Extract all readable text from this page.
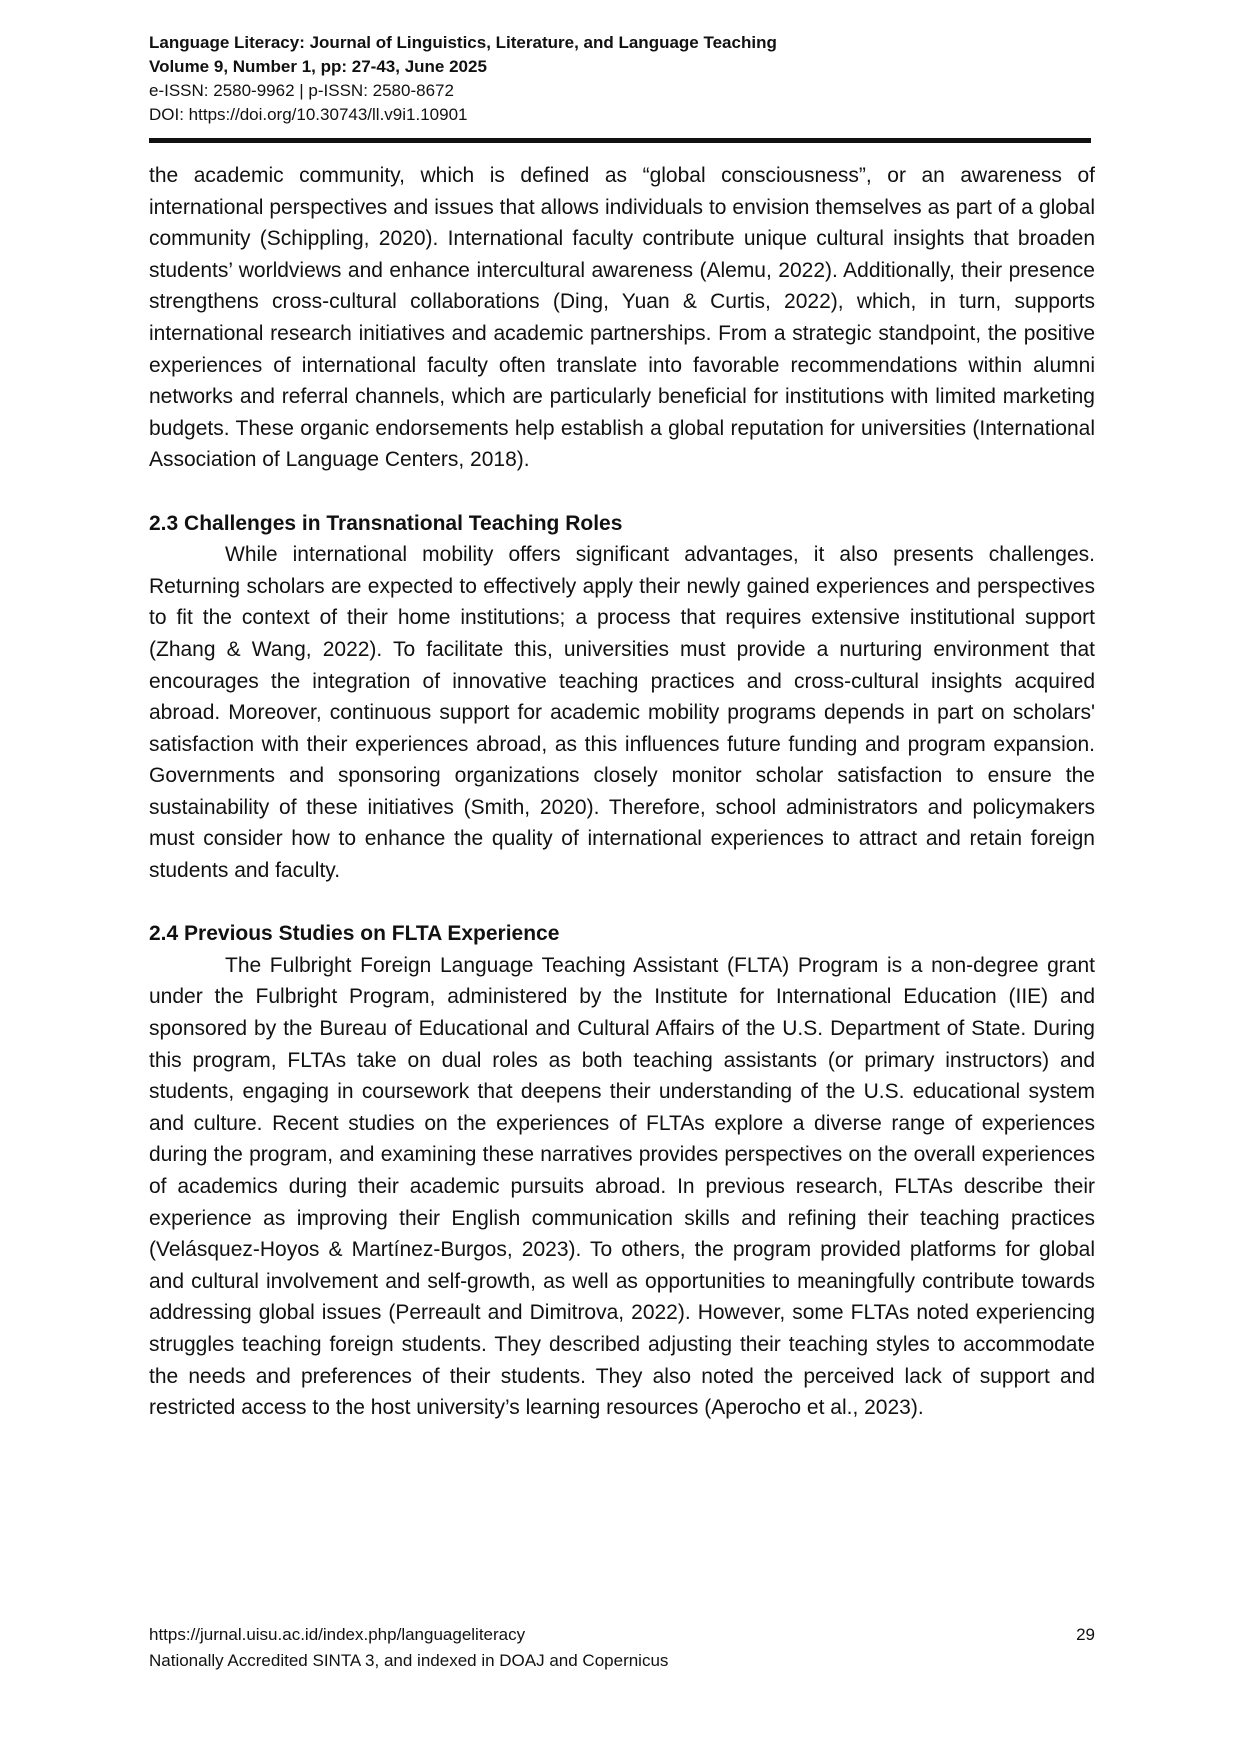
Language Literacy: Journal of Linguistics, Literature, and Language Teaching
Volume 9, Number 1, pp: 27-43, June 2025
e-ISSN: 2580-9962 | p-ISSN: 2580-8672
DOI: https://doi.org/10.30743/ll.v9i1.10901

the academic community, which is defined as “global consciousness”, or an awareness of international perspectives and issues that allows individuals to envision themselves as part of a global community (Schippling, 2020). International faculty contribute unique cultural insights that broaden students’ worldviews and enhance intercultural awareness (Alemu, 2022). Additionally, their presence strengthens cross-cultural collaborations (Ding, Yuan & Curtis, 2022), which, in turn, supports international research initiatives and academic partnerships. From a strategic standpoint, the positive experiences of international faculty often translate into favorable recommendations within alumni networks and referral channels, which are particularly beneficial for institutions with limited marketing budgets. These organic endorsements help establish a global reputation for universities (International Association of Language Centers, 2018).

2.3 Challenges in Transnational Teaching Roles

While international mobility offers significant advantages, it also presents challenges. Returning scholars are expected to effectively apply their newly gained experiences and perspectives to fit the context of their home institutions; a process that requires extensive institutional support (Zhang & Wang, 2022). To facilitate this, universities must provide a nurturing environment that encourages the integration of innovative teaching practices and cross-cultural insights acquired abroad. Moreover, continuous support for academic mobility programs depends in part on scholars' satisfaction with their experiences abroad, as this influences future funding and program expansion. Governments and sponsoring organizations closely monitor scholar satisfaction to ensure the sustainability of these initiatives (Smith, 2020). Therefore, school administrators and policymakers must consider how to enhance the quality of international experiences to attract and retain foreign students and faculty.

2.4 Previous Studies on FLTA Experience

The Fulbright Foreign Language Teaching Assistant (FLTA) Program is a non-degree grant under the Fulbright Program, administered by the Institute for International Education (IIE) and sponsored by the Bureau of Educational and Cultural Affairs of the U.S. Department of State. During this program, FLTAs take on dual roles as both teaching assistants (or primary instructors) and students, engaging in coursework that deepens their understanding of the U.S. educational system and culture. Recent studies on the experiences of FLTAs explore a diverse range of experiences during the program, and examining these narratives provides perspectives on the overall experiences of academics during their academic pursuits abroad. In previous research, FLTAs describe their experience as improving their English communication skills and refining their teaching practices (Velásquez-Hoyos & Martínez-Burgos, 2023). To others, the program provided platforms for global and cultural involvement and self-growth, as well as opportunities to meaningfully contribute towards addressing global issues (Perreault and Dimitrova, 2022). However, some FLTAs noted experiencing struggles teaching foreign students. They described adjusting their teaching styles to accommodate the needs and preferences of their students. They also noted the perceived lack of support and restricted access to the host university’s learning resources (Aperocho et al., 2023).

https://jurnal.uisu.ac.id/index.php/languageliteracy
Nationally Accredited SINTA 3, and indexed in DOAJ and Copernicus
29
